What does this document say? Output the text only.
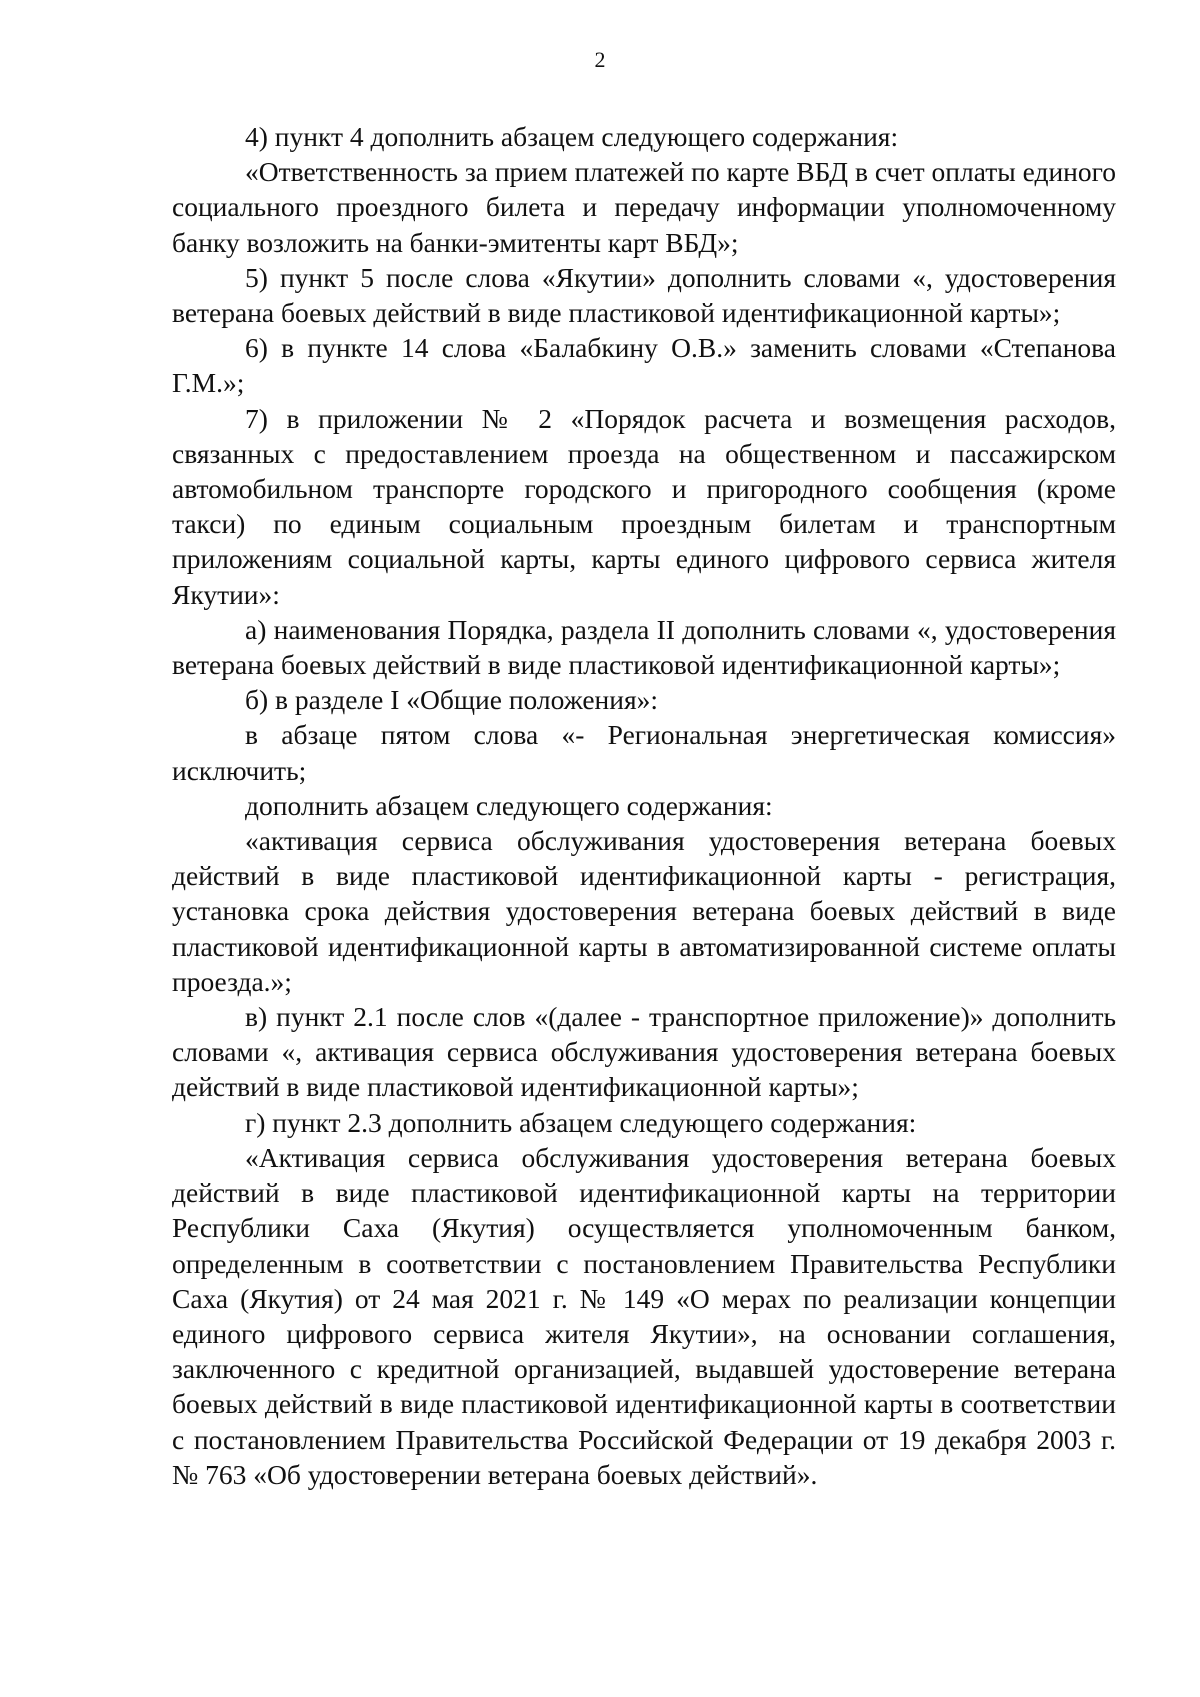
2

4) пункт 4 дополнить абзацем следующего содержания:

«Ответственность за прием платежей по карте ВБД в счет оплаты единого социального проездного билета и передачу информации уполномоченному банку возложить на банки-эмитенты карт ВБД»;

5) пункт 5 после слова «Якутии» дополнить словами «, удостоверения ветерана боевых действий в виде пластиковой идентификационной карты»;

6) в пункте 14 слова «Балабкину О.В.» заменить словами «Степанова Г.М.»;

7) в приложении № 2 «Порядок расчета и возмещения расходов, связанных с предоставлением проезда на общественном и пассажирском автомобильном транспорте городского и пригородного сообщения (кроме такси) по единым социальным проездным билетам и транспортным приложениям социальной карты, карты единого цифрового сервиса жителя Якутии»:

а) наименования Порядка, раздела II дополнить словами «, удостоверения ветерана боевых действий в виде пластиковой идентификационной карты»;

б) в разделе I «Общие положения»:

в абзаце пятом слова «- Региональная энергетическая комиссия» исключить;

дополнить абзацем следующего содержания:

«активация сервиса обслуживания удостоверения ветерана боевых действий в виде пластиковой идентификационной карты - регистрация, установка срока действия удостоверения ветерана боевых действий в виде пластиковой идентификационной карты в автоматизированной системе оплаты проезда.»;

в) пункт 2.1 после слов «(далее - транспортное приложение)» дополнить словами «, активация сервиса обслуживания удостоверения ветерана боевых действий в виде пластиковой идентификационной карты»;

г) пункт 2.3 дополнить абзацем следующего содержания:

«Активация сервиса обслуживания удостоверения ветерана боевых действий в виде пластиковой идентификационной карты на территории Республики Саха (Якутия) осуществляется уполномоченным банком, определенным в соответствии с постановлением Правительства Республики Саха (Якутия) от 24 мая 2021 г. № 149 «О мерах по реализации концепции единого цифрового сервиса жителя Якутии», на основании соглашения, заключенного с кредитной организацией, выдавшей удостоверение ветерана боевых действий в виде пластиковой идентификационной карты в соответствии с постановлением Правительства Российской Федерации от 19 декабря 2003 г. № 763 «Об удостоверении ветерана боевых действий».
